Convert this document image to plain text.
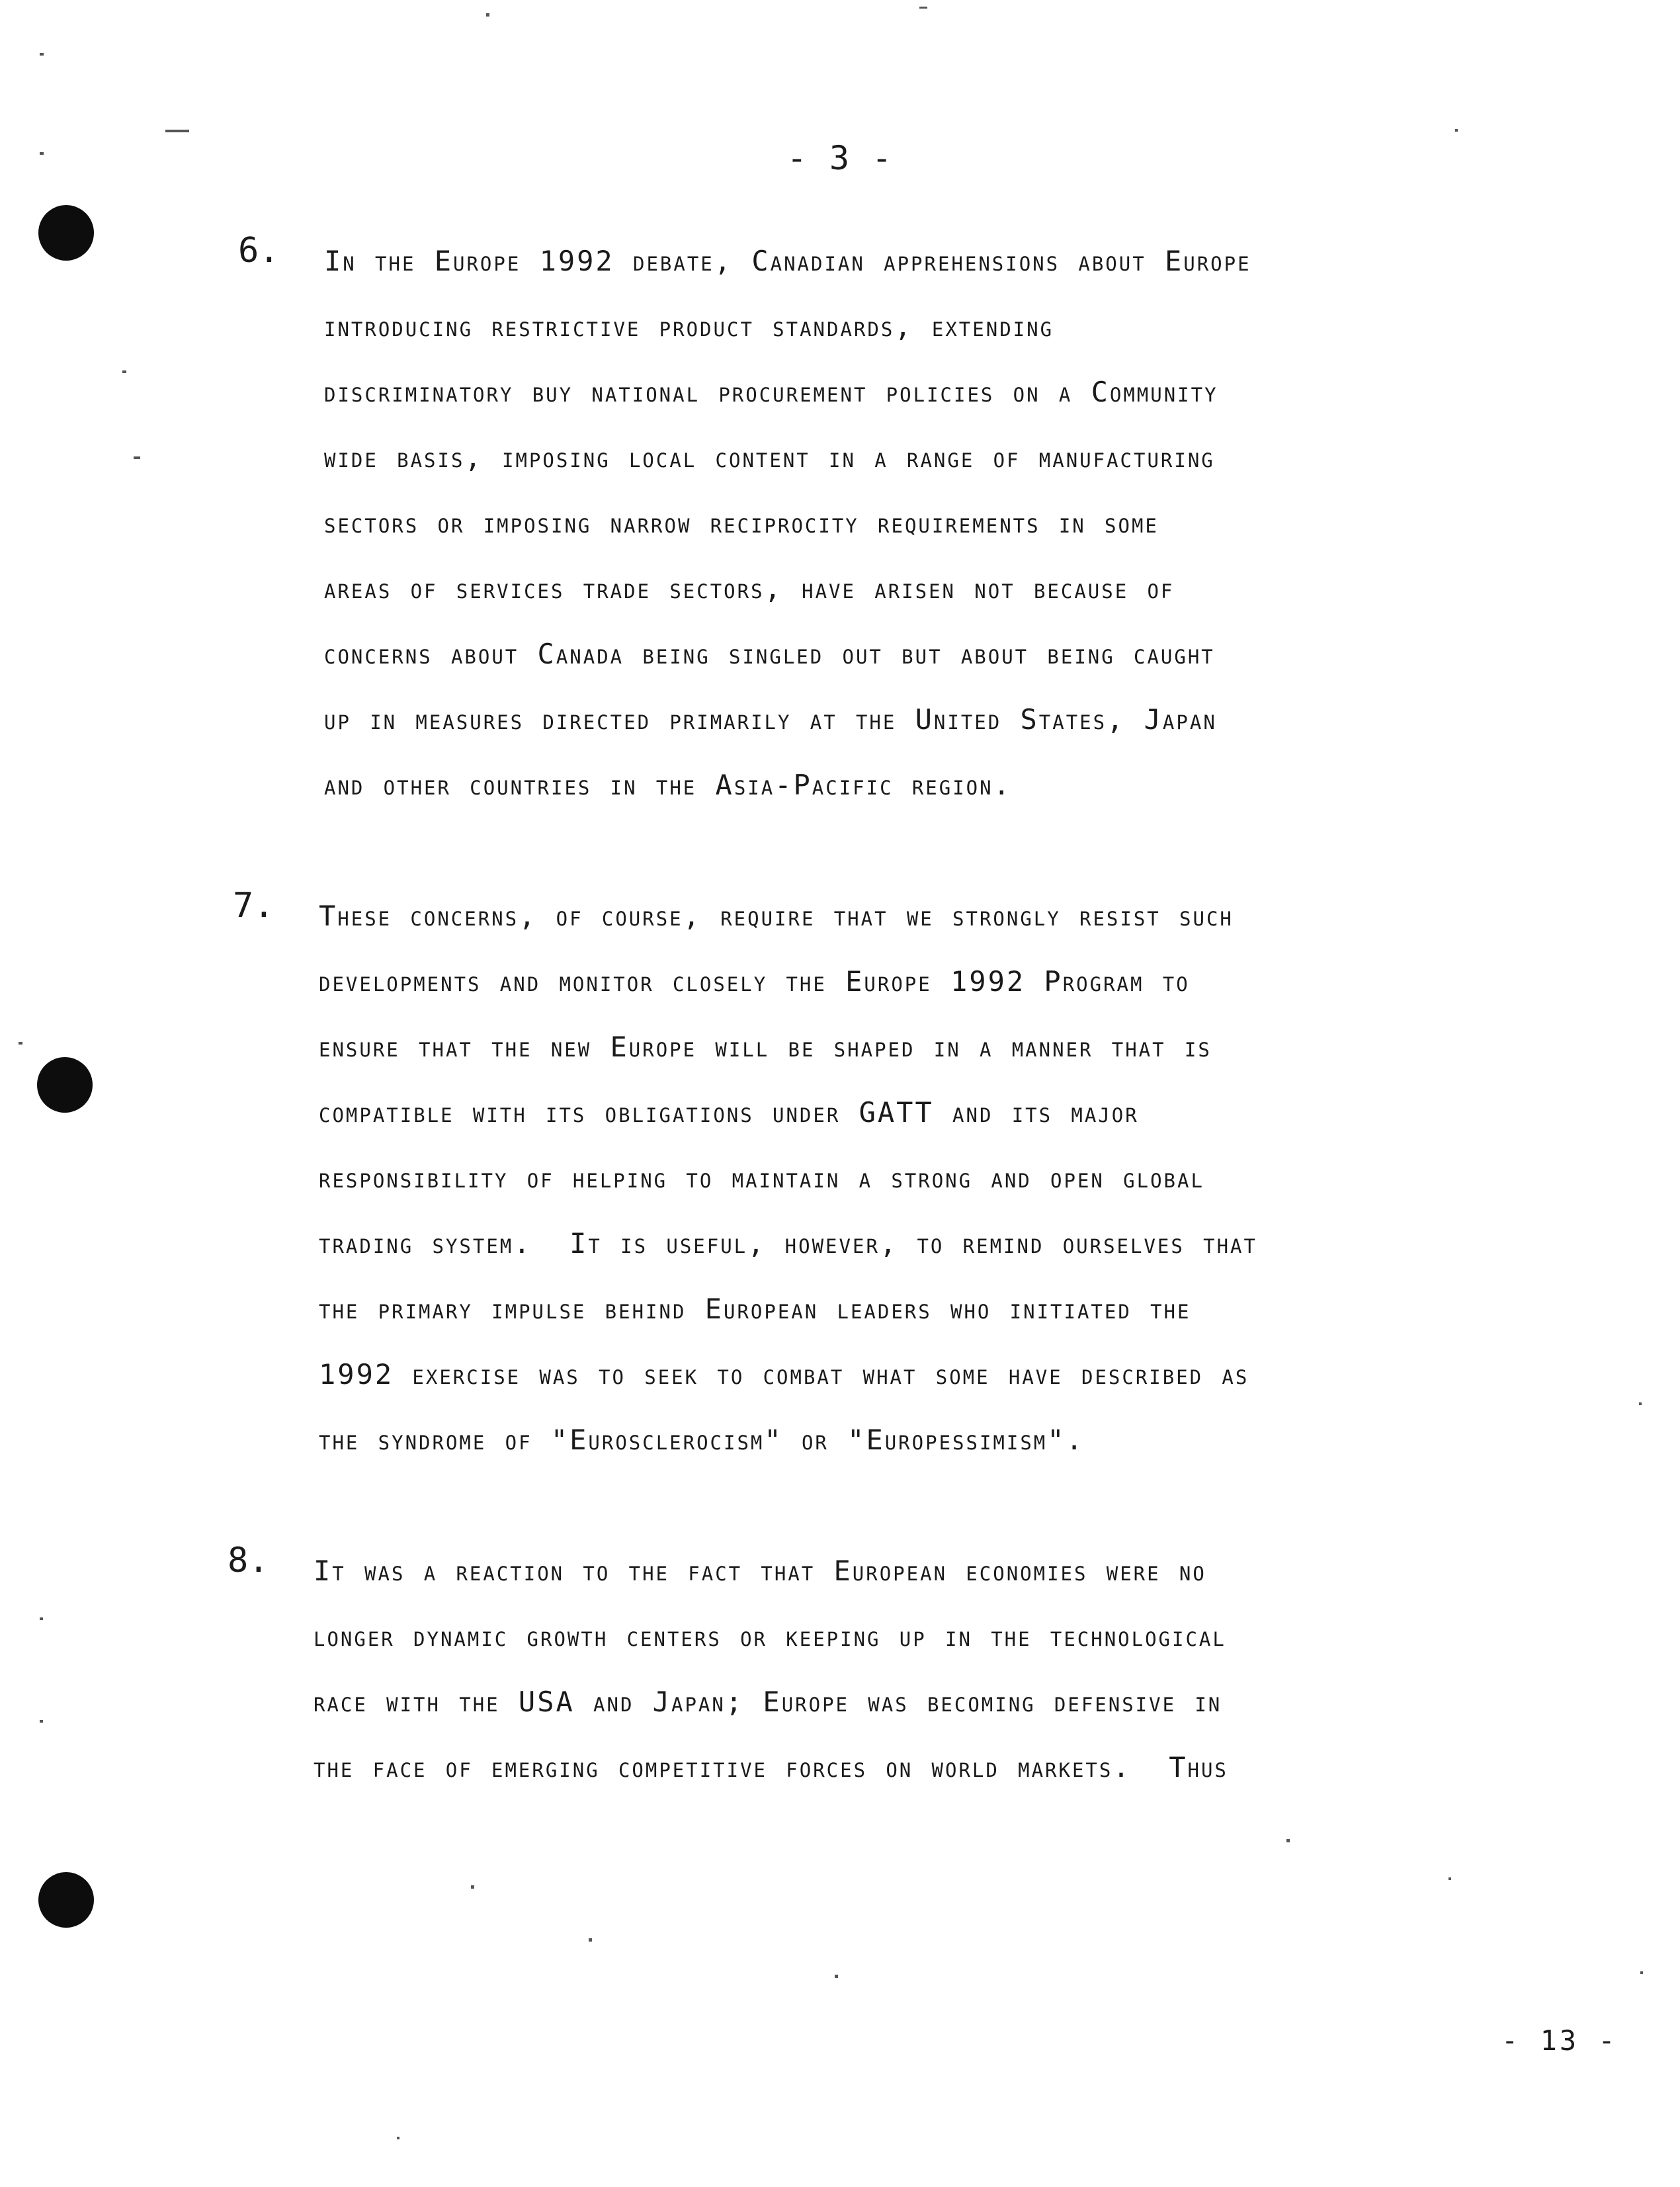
- 3 -
6. In the Europe 1992 debate, Canadian apprehensions about Europe
introducing restrictive product standards, extending
discriminatory buy national procurement policies on a Community
wide basis, imposing local content in a range of manufacturing
sectors or imposing narrow reciprocity requirements in some
areas of services trade sectors, have arisen not because of
concerns about Canada being singled out but about being caught
up in measures directed primarily at the United States, Japan
and other countries in the Asia-Pacific region.
7. These concerns, of course, require that we strongly resist such
developments and monitor closely the Europe 1992 Program to
ensure that the new Europe will be shaped in a manner that is
compatible with its obligations under GATT and its major
responsibility of helping to maintain a strong and open global
trading system.  It is useful, however, to remind ourselves that
the primary impulse behind European leaders who initiated the
1992 exercise was to seek to combat what some have described as
the syndrome of "Eurosclerocism" or "Europessimism".
8. It was a reaction to the fact that European economies were no
longer dynamic growth centers or keeping up in the technological
race with the USA and Japan; Europe was becoming defensive in
the face of emerging competitive forces on world markets.  Thus
- 13 -
